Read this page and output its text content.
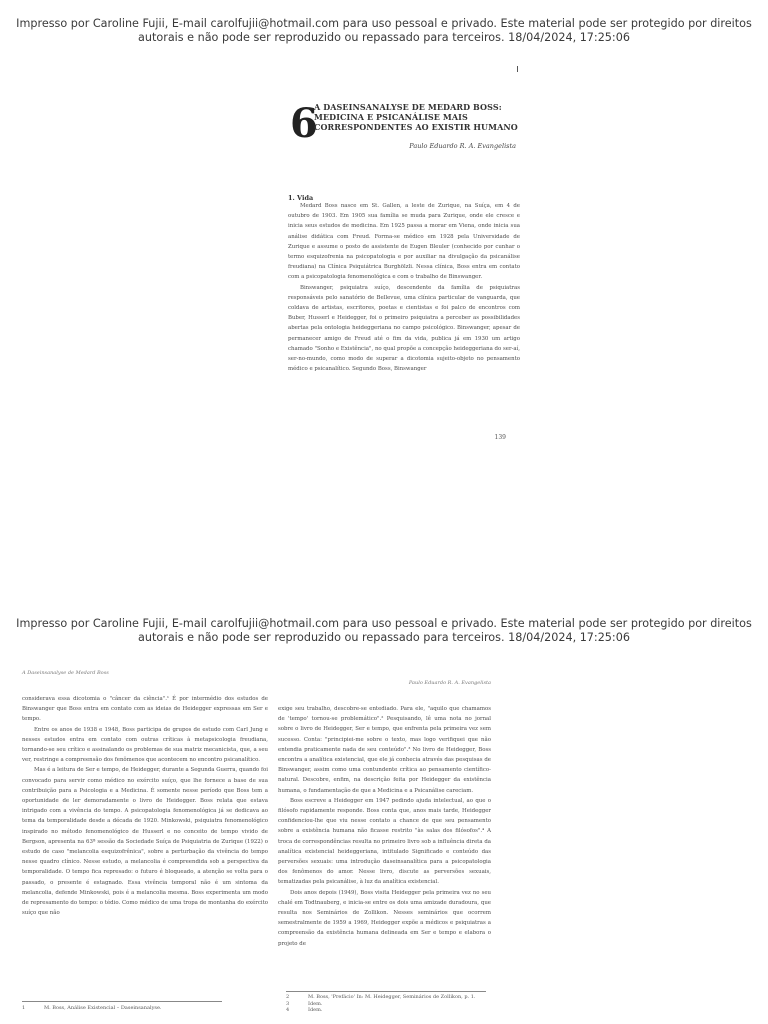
Impresso por Caroline Fujii, E-mail carolfujii@hotmail.com para uso pessoal e privado. Este material pode ser protegido por direitos
autorais e não pode ser reproduzido ou repassado para terceiros. 18/04/2024, 17:25:06
6
A DASEINSANALYSE DE MEDARD BOSS: MEDICINA E PSICANÁLISE MAIS CORRESPONDENTES AO EXISTIR HUMANO
Paulo Eduardo R. A. Evangelista
1. Vida

Medard Boss nasce em St. Gallen, a leste de Zurique, na Suíça, em 4 de outubro de 1903. Em 1905 sua família se muda para Zurique, onde ele cresce e inicia seus estudos de medicina. Em 1925 passa a morar em Viena, onde inicia sua análise didática com Freud. Forma-se médico em 1928 pela Universidade de Zurique e assume o posto de assistente de Eugen Bleuler (conhecido por cunhar o termo esquizofrenia na psicopatologia e por auxiliar na divulgação da psicanálise freudiana) na Clínica Psiquiátrica Burghölzli. Nessa clínica, Boss entra em contato com a psicopatologia fenomenológica e com o trabalho de Binswanger.

Binswanger, psiquiatra suíço, descendente da família de psiquiatras responsáveis pelo sanatório de Bellevue, uma clínica particular de vanguarda, que coldava de artistas, escritores, poetas e cientistas e foi palco de encontros com Buber, Husserl e Heidegger, foi o primeiro psiquiatra a perceber as possibilidades abertas pela ontologia heideggeriana no campo psicológico. Binswanger, apesar de permanecer amigo de Freud até o fim da vida, publica já em 1930 um artigo chamado "Sonho e Existência", no qual propõe a concepção heideggeriana do ser-aí, ser-no-mundo, como modo de superar a dicotomia sujeito-objeto no pensamento médico e psicanalítico. Segundo Boss, Binswanger

139
Impresso por Caroline Fujii, E-mail carolfujii@hotmail.com para uso pessoal e privado. Este material pode ser protegido por direitos
autorais e não pode ser reproduzido ou repassado para terceiros. 18/04/2024, 17:25:06
A Daseinsanalyse de Medard Boss

considerava essa dicotomia o "câncer da ciência".¹ É por intermédio dos estudos de Binswanger que Boss entra em contato com as ideias de Heidegger expressas em Ser e tempo.

Entre os anos de 1938 e 1948, Boss participa de grupos de estudo com Carl Jung e nesses estudos entra em contato com outras críticas à metapsicologia freudiana, tornando-se seu crítico e assinalando os problemas de sua matriz mecanicista, que, a seu ver, restringe a compreensão dos fenômenos que acontecem no encontro psicanalítico.

Mas é a leitura de Ser e tempo, de Heidegger, durante a Segunda Guerra, quando foi convocado para servir como médico no exército suíço, que lhe fornece a base de sua contribuição para a Psicologia e a Medicina. É somente nesse período que Boss tem a oportunidade de ler demoradamente o livro de Heidegger. Boss relata que estava intrigado com a vivência do tempo. A psicopatologia fenomenológica já se dedicava ao tema da temporalidade desde a década de 1920. Minkowski, psiquiatra fenomenológico inspirado no método fenomenológico de Husserl e no conceito de tempo vivido de Bergson, apresenta na 63ª sessão da Sociedade Suíça de Psiquiatria de Zurique (1922) o estudo de caso "melancolia esquizofrênica", sobre a perturbação da vivência do tempo nesse quadro clínico. Nesse estudo, a melancolia é compreendida sob a perspectiva da temporalidade. O tempo fica represado: o futuro é bloqueado, a atenção se volta para o passado, o presente é estagnado. Essa vivência temporal não é um sintoma da melancolia, defende Minkowski, pois é a melancolia mesma. Boss experimenta um modo de represamento do tempo: o tédio. Como médico de uma tropa de montanha do exército suíço que não

1	M. Boss, Análise Existencial – Daseinsanalyse.
Paulo Eduardo R. A. Evangelista

exige seu trabalho, descobre-se entediado. Para ele, "aquilo que chamamos de 'tempo' tornou-se problemático".² Pesquisando, lê uma nota no jornal sobre o livro de Heidegger, Ser e tempo, que enfrenta pela primeira vez sem sucesso. Conta: "principiei-me sobre o texto, mas logo verifiquei que não entendia praticamente nada de seu conteúdo".³ No livro de Heidegger, Boss encontra a analítica existencial, que ele já conhecia através das pesquisas de Binswanger, assim como uma contundente crítica ao pensamento científico-natural. Descobre, enfim, na descrição feita por Heidegger da existência humana, o fundamentação de que a Medicina e a Psicanálise careciam.

Boss escreve a Heidegger em 1947 pedindo ajuda intelectual, ao que o filósofo rapidamente responde. Boss conta que, anos mais tarde, Heidegger confidenciou-lhe que viu nesse contato a chance de que seu pensamento sobre a existência humana não ficasse restrito "às salas dos filósofos".⁴ A troca de correspondências resulta no primeiro livro sob a influência direta da analítica existencial heideggeriana, intitulado Significado e conteúdo das perversões sexuais: uma introdução daseinsanalítica para a psicopatologia dos fenômenos do amor. Nesse livro, discute as perversões sexuais, tematizadas pela psicanálise, à luz da analítica existencial.

Dois anos depois (1949), Boss visita Heidegger pela primeira vez no seu chalé em Todtnauberg, e inicia-se entre os dois uma amizade duradoura, que resulta nos Seminários de Zollikon. Nesses seminários que ocorrem semestralmente de 1959 a 1969, Heidegger expõe a médicos e psiquiatras a compreensão da existência humana delineada em Ser e tempo e elabora o projeto de

2	M. Boss, 'Prefácio' In: M. Heidegger, Seminários de Zollikon, p. 1.
3	Idem.
4	Idem.
